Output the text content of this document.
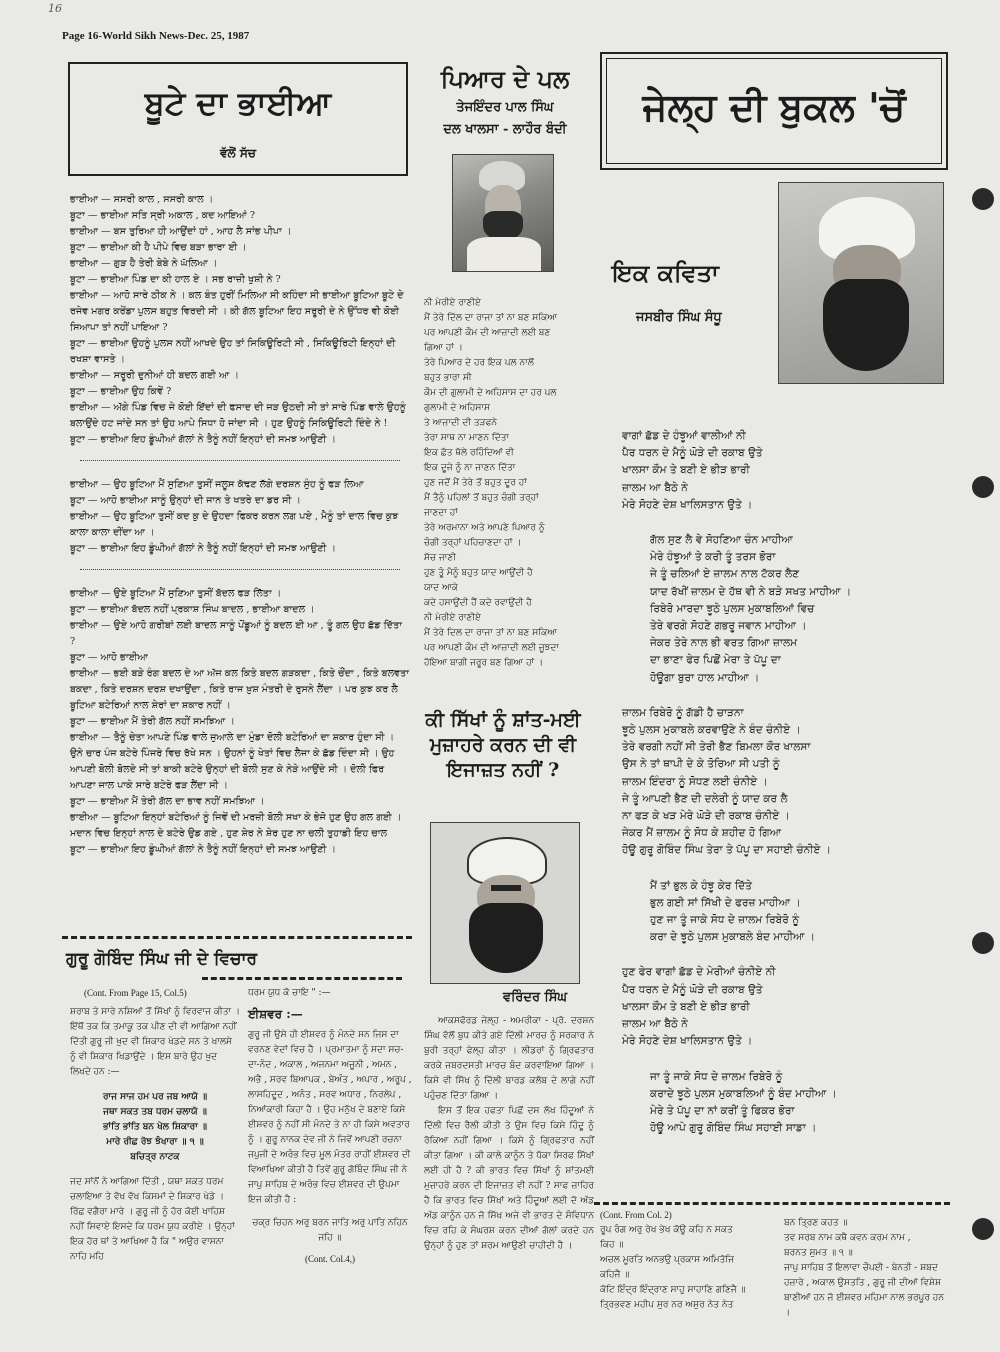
16
Page 16-World Sikh News-Dec. 25, 1987
ਬੂਟੇ ਦਾ ਭਾਈਆ
ਵੱਲੋਂ ਸੱਚ

ਭਾਈਆ — ਸਸਰੀ ਕਾਲ , ਸਸਰੀ ਕਾਲ ।

ਬੂਟਾ — ਭਾਈਆ ਸਤਿ ਸ੍ਰੀ ਅਕਾਲ , ਕਦ ਆਇਆਂ ?

ਭਾਈਆ — ਬਸ ਤੁਰਿਆ ਹੀ ਆਉਂਦਾਂ ਹਾਂ , ਆਹ ਲੈ ਸਾਂਭ ਪੀਪਾ ।

ਬੂਟਾ — ਭਾਈਆ ਕੀ ਹੈ ਪੀਪੇ ਵਿਚ ਬੜਾ ਭਾਰਾ ਈ ।

ਭਾਈਆ — ਗੁੜ ਹੈ ਤੇਰੀ ਬੇਬੇ ਨੇ ਘੱਲਿਆ ।

ਬੂਟਾ — ਭਾਈਆ ਪਿੰਡ ਦਾ ਕੀ ਹਾਲ ਏ । ਸਭ ਰਾਜ਼ੀ ਖੁਸ਼ੀ ਨੇ ?

ਭਾਈਆ — ਆਹੋ ਸਾਰੇ ਠੀਕ ਨੇ । ਕਲ ਬੰਤ ਹੁਰੀਂ ਮਿਲਿਆ ਸੀ ਕਹਿੰਦਾ ਸੀ ਭਾਈਆ ਬੂਟਿਆ ਬੂਟੇ ਦੇ ਰਜੇਵ ਮਗਰ ਕਰੇਂਡਾ ਪੁਲਸ ਬਹੁਤ ਵਿਰਦੀ ਸੀ । ਕੀ ਗੱਲ ਬੂਟਿਆ ਇਹ ਸਰੂਰੀ ਦੇ ਨੇ ਉੱਧਰ ਵੀ ਕੋਈ ਸਿਆਪਾ ਤਾਂ ਨਹੀਂ ਪਾਇਆ ?

ਬੂਟਾ — ਭਾਈਆ ਉਹਨੂੰ ਪੁਲਸ ਨਹੀਂ ਆਖਦੇ ਉਹ ਤਾਂ ਸਿਕਿਊਰਿਟੀ ਸੀ , ਸਿਕਿਊਰਿਟੀ ਇਨ੍ਹਾਂ ਦੀ ਰਖਸ਼ਾ ਵਾਸਤੇ ।

ਭਾਈਆ — ਸਰੂਰੀ ਦੁਨੀਆਂ ਹੀ ਬਦਲ ਗਈ ਆ ।

ਬੂਟਾ — ਭਾਈਆ ਉਹ ਕਿਵੇਂ ?

ਭਾਈਆ — ਅੱਗੇ ਪਿੰਡ ਵਿਚ ਜੇ ਕੋਈ ਇੱਦਾਂ ਦੀ ਫਸਾਦ ਦੀ ਜੜ ਉਠਦੀ ਸੀ ਤਾਂ ਸਾਰੇ ਪਿੰਡ ਵਾਲੇ ਉਹਨੂੰ ਬਲਾਉਂਦੇ ਹਟ ਜਾਂਦੇ ਸਨ ਤਾਂ ਉਹ ਆਪੇ ਸਿਧਾ ਹੋ ਜਾਂਦਾ ਸੀ । ਹੁਣ ਉਹਨੂੰ ਸਿਕਿਊਰਿਟੀ ਦਿੰਦੇ ਨੇ !

ਬੂਟਾ — ਭਾਈਆ ਇਹ ਡੂੰਘੀਆਂ ਗੱਲਾਂ ਨੇ ਤੈਨੂੰ ਨਹੀਂ ਇਨ੍ਹਾਂ ਦੀ ਸਮਝ ਆਉਣੀ ।

ਭਾਈਆ — ਉਹ ਬੂਟਿਆ ਮੈਂ ਸੁਣਿਆ ਤੁਸੀਂ ਜਲੂਸ ਕੱਢਣ ਲੱਗੇ ਦਰਸ਼ਨ ਸੁੰਹ ਨੂੰ ਫੜ ਲਿਆ

ਬੂਟਾ — ਆਹੋ ਭਾਈਆ ਸਾਨੂੰ ਉਨ੍ਹਾਂ ਦੀ ਜਾਨ ਤੇ ਖਤਰੇ ਦਾ ਡਰ ਸੀ ।

ਭਾਈਆ — ਉਹ ਬੂਟਿਆ ਤੁਸੀਂ ਕਦ ਕੁ ਦੇ ਉਹਦਾ ਫਿਕਰ ਕਰਨ ਲਗ ਪਏ , ਮੈਨੂੰ ਤਾਂ ਦਾਲ ਵਿਚ ਕੁਝ ਕਾਲਾ ਕਾਲਾ ਦੀਂਦਾ ਆ ।

ਬੂਟਾ — ਭਾਈਆ ਇਹ ਡੂੰਘੀਆਂ ਗੱਲਾਂ ਨੇ ਤੈਨੂੰ ਨਹੀਂ ਇਨ੍ਹਾਂ ਦੀ ਸਮਝ ਆਉਣੀ ।

ਭਾਈਆ — ਉਏ ਬੂਟਿਆ ਮੈਂ ਸੁਣਿਆ ਤੁਸੀਂ ਬੱਦਲ ਫੜ ਲਿੱਤਾ ।

ਬੂਟਾ — ਭਾਈਆ ਬੱਦਲ ਨਹੀਂ ਪ੍ਰਕਾਸ਼ ਸਿੰਘ ਬਾਦਲ , ਭਾਈਆ ਬਾਦਲ ।

ਭਾਈਆ — ਉਏ ਆਹੋ ਗਰੀਬਾਂ ਲਈ ਬਾਦਲ ਸਾਨੂੰ ਪੋਂਡੂਆਂ ਨੂੰ ਬਦਲ ਈ ਆ , ਤੂੰ ਗਲ ਉਹ ਛੱਡ ਦਿੱਤਾ ?

ਬੂਟਾ — ਆਹੋ ਭਾਈਆ

ਭਾਈਆ — ਭਈ ਬੜੇ ਰੰਗ ਬਦਲ ਦੇ ਆ ਅੱਜ ਕਲ ਕਿਤੇ ਬਦਲ ਗੜਕਦਾ , ਕਿਤੇ ਚੌਂਦਾ , ਕਿਤੇ ਬਲਵਤਾ ਬਕਦਾ , ਕਿਤੇ ਦਰਸ਼ਨ ਦਰਸ਼ ਦਖਾਉਂਦਾ , ਕਿਤੇ ਰਾਜ ਖ਼ੁਸ਼ ਮੰਤਰੀ ਦੇ ਰੁਸਨੇ ਲੈਂਦਾ । ਪਰ ਕੁਝ ਕਰ ਲੈ ਬੂਟਿਆ ਬਟੇਰਿਆਂ ਨਾਲ ਸ਼ੇਰਾਂ ਦਾ ਸ਼ਕਾਰ ਨਹੀਂ ।

ਬੂਟਾ — ਭਾਈਆ ਮੈਂ ਤੇਰੀ ਗੱਲ ਨਹੀਂ ਸਮਝਿਆ ।

ਭਾਈਆ — ਤੈਨੂੰ ਚੇਤਾ ਆਪਣੇ ਪਿੰਡ ਵਾਲੇ ਜੁਆਲੇ ਦਾ ਮੁੰਡਾ ਦੋਲੀ ਬਟੇਰਿਆਂ ਦਾ ਸ਼ਕਾਰ ਹੁੰਦਾ ਸੀ । ਉਨੇ ਚਾਰ ਪੰਜ ਬਟੇਰੇ ਪਿੰਜਰੇ ਵਿਚ ਰੱਖੇ ਸਨ । ਉਹਨਾਂ ਨੂੰ ਖੇਤਾਂ ਵਿਚ ਲੈਜਾ ਕੇ ਛੱਡ ਦਿੰਦਾ ਸੀ । ਉਹ ਆਪਣੀ ਬੋਲੀ ਬੋਲਦੇ ਸੀ ਤਾਂ ਬਾਕੀ ਬਟੇਰੇ ਉਨ੍ਹਾਂ ਦੀ ਬੋਲੀ ਸੁਣ ਕੇ ਨੇੜੇ ਆਉਂਦੇ ਸੀ । ਦੋਲੀ ਫਿਰ ਆਪਣਾ ਜਾਲ ਪਾਕੇ ਸਾਰੇ ਬਟੇਰੇ ਫੜ ਲੈਂਦਾ ਸੀ ।

ਬੂਟਾ — ਭਾਈਆ ਮੈਂ ਤੇਰੀ ਗੱਲ ਦਾ ਭਾਵ ਨਹੀਂ ਸਮਝਿਆ ।

ਭਾਈਆ — ਬੂਟਿਆ ਇਨ੍ਹਾਂ ਬਟੇਰਿਆਂ ਨੂੰ ਜਿਵੇਂ ਦੀ ਮਰਜ਼ੀ ਬੋਲੀ ਸਖਾ ਕੇ ਭੇਜੋ ਹੁਣ ਉਹ ਗਲ ਗਈ । ਮਦਾਨ ਵਿਚ ਇਨ੍ਹਾਂ ਨਾਲ ਦੇ ਬਟੇਰੇ ਉਡ ਗਏ , ਹੁਣ ਸ਼ੇਰ ਨੇ ਸ਼ੇਰ ਹੁਣ ਨਾ ਚਲੀ ਤੁਹਾਡੀ ਇਹ ਚਾਲ

ਬੂਟਾ — ਭਾਈਆ ਇਹ ਡੂੰਘੀਆਂ ਗੱਲਾਂ ਨੇ ਤੈਨੂੰ ਨਹੀਂ ਇਨ੍ਹਾਂ ਦੀ ਸਮਝ ਆਉਣੀ ।

ਗੁਰੂ ਗੋਬਿੰਦ ਸਿੰਘ ਜੀ ਦੇ ਵਿਚਾਰ
(Cont. From Page 15, Col.5)

ਸ਼ਰਾਬ ਤੇ ਸਾਰੇ ਨਸ਼ਿਆਂ ਤੋਂ ਸਿੱਖਾਂ ਨੂੰ ਵਿਰਵਾਜ ਕੀਤਾ । ਇੱਥੋਂ ਤਕ ਕਿ ਤਮਾਕੂ ਤਕ ਪੀਣ ਦੀ ਵੀ ਆਗਿਆ ਨਹੀਂ ਦਿੱਤੀ ਗੁਰੂ ਜੀ ਖ਼ੁਦ ਵੀ ਸ਼ਿਕਾਰ ਖੇਡਦੇ ਸਨ ਤੇ ਖਾਲਸੇ ਨੂੰ ਵੀ ਸ਼ਿਕਾਰ ਖਿਡਾਉਂਦੇ । ਇਸ ਬਾਰੇ ਉਹ ਖ਼ੁਦ ਲਿਖਦੇ ਹਨ :—

ਰਾਜ ਸਾਜ ਹਮ ਪਰ ਜਬ ਆਯੋ ॥

ਜਥਾ ਸਕਤ ਤਬ ਧਰਮ ਚਲਾਯੋ ॥

ਭਾਂਤਿ ਭਾਂਤਿ ਬਨ ਖੇਲ ਸ਼ਿਕਾਰਾ ॥

ਮਾਰੇ ਰੀਛ ਰੋਝ ਝੰਖਾਰਾ ॥ ੧ ॥

ਬਚਿਤ੍ਰ ਨਾਟਕ

ਜਦ ਸਾਂਨੋਂ ਨੇ ਆਗਿਆ ਦਿੱਤੀ , ਯਥਾ ਸ਼ਕਤ ਧਰਮ ਚਲਾਇਆ ਤੇ ਵੱਖ ਵੱਖ ਕਿਸਮਾਂ ਦੇ ਸ਼ਿਕਾਰ ਖੇਡੇ । ਰਿੱਛ ਵਗੈਰਾ ਮਾਰੇ । ਗੁਰੂ ਜੀ ਨੂੰ ਹੋਰ ਕੋਈ ਖਾਹਿਸ਼ ਨਹੀਂ ਸਿਵਾਏ ਇਸਦੇ ਕਿ ਧਰਮ ਯੁਧ ਕਰੀਏ । ਉਨ੍ਹਾਂ ਇਕ ਹੋਰ ਥਾਂ ਤੇ ਆਖਿਆ ਹੈ ਕਿ " ਅਉਰ ਵਾਸਨਾ ਨਾਹਿ ਮਹਿ

ਧਰਮ ਯੁਧ ਕੋ ਚਾਇ " :—
ਈਸ਼ਵਰ :—

ਗੁਰੂ ਜੀ ਉਸੇ ਹੀ ਈਸ਼ਵਰ ਨੂੰ ਮੰਨਦੇ ਸਨ ਜਿਸ ਦਾ ਵਰਨਣ ਵੇਦਾਂ ਵਿਚ ਹੈ । ਪ੍ਰਮਾਤਮਾ ਨੂੰ ਸਦਾ ਸਚ-ਦਾ-ਨੰਦ , ਅਕਾਲ , ਅਜਨਮਾ ਅਜੂਨੀ , ਅਮਨ , ਅਭੈ , ਸਰਵ ਬਿਆਪਕ , ਬੇਅੰਤ , ਅਪਾਰ , ਅਰੂਪ , ਲਾਸਹਿਦੂਦ , ਅਨੰਤ , ਸਰਵ ਅਧਾਰ , ਨਿਰਲੇਪ , ਨਿਆਂਕਾਰੀ ਕਿਹਾ ਹੈ । ਉਹ ਮਨੁੱਖ ਦੇ ਬਣਾਏ ਕਿਸੇ ਈਸ਼ਵਰ ਨੂੰ ਨਹੀਂ ਸੀ ਮੰਨਦੇ ਤੇ ਨਾ ਹੀ ਕਿਸੇ ਅਵਤਾਰ ਨੂੰ । ਗੁਰੂ ਨਾਨਕ ਦੇਵ ਜੀ ਨੇ ਜਿਵੇਂ ਆਪਣੀ ਰਚਨਾ ਜਪੁਜੀ ਦੇ ਅਰੰਭ ਵਿਚ ਮੂਲ ਮੰਤਰ ਰਾਹੀਂ ਈਸ਼ਵਰ ਦੀ ਵਿਆਖਿਆ ਕੀਤੀ ਹੈ ਤਿਵੇਂ ਗੁਰੂ ਗੋਬਿੰਦ ਸਿੰਘ ਜੀ ਨੇ ਜਾਪੁ ਸਾਹਿਬ ਦੇ ਅਰੰਭ ਵਿਚ ਈਸ਼ਵਰ ਦੀ ਉਪਮਾ ਇਜ ਕੀਤੀ ਹੈ :

ਚਕ੍ਰ ਚਿਹਨ ਅਰੁ ਬਰਨ ਜਾਤਿ ਅਰੁ ਪਾਤਿ ਨਹਿਨ ਜਹਿ ॥
(Cont. Col.4,)
ਪਿਆਰ ਦੇ ਪਲ
ਤੇਜਇੰਦਰ ਪਾਲ ਸਿੰਘ
ਦਲ ਖਾਲਸਾ - ਲਾਹੌਰ ਬੰਦੀ

ਨੀ ਮੇਰੀਏ ਰਾਣੀਏ

ਮੈਂ ਤੇਰੇ ਦਿੱਲ ਦਾ ਰਾਜਾ ਤਾਂ ਨਾ ਬਣ ਸਕਿਆ

ਪਰ ਆਪਣੀ ਕੌਮ ਦੀ ਆਜ਼ਾਦੀ ਲਈ ਬਣ

ਗਿਆ ਹਾਂ ।

ਤੇਰੇ ਪਿਆਰ ਦੇ ਹਰ ਇਕ ਪਲ ਨਾਲੋਂ

ਬਹੁਤ ਭਾਰਾ ਸੀ

ਕੌਮ ਦੀ ਗੁਲਾਮੀ ਦੇ ਅਹਿਸਾਸ ਦਾ ਹਰ ਪਲ

ਗੁਲਾਮੀ ਦੇ ਅਹਿਸਾਸ

ਤੇ ਆਜ਼ਾਦੀ ਦੀ ਤੜਫਨੇ

ਤੇਰਾ ਸਾਥ ਨਾ ਮਾਣਨ ਦਿੱਤਾ

ਇਕ ਛੱਤ ਥੱਲੇ ਰਹਿੰਦਿਆਂ ਵੀ

ਇਕ ਦੂਜੇ ਨੂੰ ਨਾ ਜਾਣਨ ਦਿੱਤਾ

ਹੁਣ ਜਦੋਂ ਮੈਂ ਤੇਰੇ ਤੋਂ ਬਹੁਤ ਦੂਰ ਹਾਂ

ਮੈਂ ਤੈਨੂੰ ਪਹਿਲਾਂ ਤੋਂ ਬਹੁਤ ਚੰਗੀ ਤਰ੍ਹਾਂ

ਜਾਣਦਾ ਹਾਂ

ਤੇਰੇ ਅਰਮਾਨਾ ਅਤੇ ਆਪਣੇ ਪਿਆਰ ਨੂੰ

ਚੰਗੀ ਤਰ੍ਹਾਂ ਪਹਿਚਾਣਦਾ ਹਾਂ ।

ਸੱਚ ਜਾਣੀ

ਹੁਣ ਤੂੰ ਮੈਨੂੰ ਬਹੁਤ ਯਾਦ ਆਉਂਦੀ ਹੈ

ਯਾਦ ਆਕੇ

ਕਦੇ ਹਸਾਉਂਦੀ ਹੈਂ ਕਦੇ ਰਵਾਉਂਦੀ ਹੈ

ਨੀ ਮੇਰੀਏ ਰਾਣੀਏ

ਮੈਂ ਤੇਰੇ ਦਿਲ ਦਾ ਰਾਜਾ ਤਾਂ ਨਾ ਬਣ ਸਕਿਆ

ਪਰ ਆਪਣੀ ਕੌਮ ਦੀ ਆਜ਼ਾਦੀ ਲਈ ਜੂਝਦਾ

ਹੋਇਆ ਬਾਗੀ ਜਰੂਰ ਬਣ ਗਿਆ ਹਾਂ ।

ਕੀ ਸਿੱਖਾਂ ਨੂੰ ਸ਼ਾਂਤ-ਮਈ ਮੁਜ਼ਾਹਰੇ ਕਰਨ ਦੀ ਵੀ ਇਜਾਜ਼ਤ ਨਹੀਂ ?
ਵਰਿੰਦਰ ਸਿੰਘ

ਆਕਸਫੋਰਡ ਜੇਲ੍ਹ - ਅਮਰੀਕਾ - ਪ੍ਰੋ. ਦਰਸ਼ਨ ਸਿੰਘ ਵੱਲੋਂ ਬੁਧ ਕੀਤੇ ਗਏ ਦਿੱਲੀ ਮਾਰਚ ਨੂੰ ਸਰਕਾਰ ਨੇ ਬੁਰੀ ਤਰ੍ਹਾਂ ਫੇਲ੍ਹ ਕੀਤਾ । ਲੀਡਰਾਂ ਨੂੰ ਗ੍ਰਿਫਤਾਰ ਕਰਕੇ ਜਬਰਦਸਤੀ ਮਾਰਚ ਬੰਦ ਕਰਵਾਇਆ ਗਿਆ । ਕਿਸੇ ਵੀ ਸਿੱਖ ਨੂੰ ਦਿੱਲੀ ਬਾਰਡ ਕਲੱਬ ਦੇ ਲਾਗੇ ਨਹੀਂ ਪਹੁੰਚਣ ਦਿੱਤਾ ਗਿਆ ।

ਇਸ ਤੋਂ ਇਕ ਹਫਤਾ ਪਿਛੋਂ ਦਸ ਲੱਖ ਹਿੰਦੂਆਂ ਨੇ ਦਿੱਲੀ ਵਿਚ ਰੈਲੀ ਕੀਤੀ ਤੇ ਉਸ ਵਿਚ ਕਿਸੇ ਹਿੰਦੂ ਨੂੰ ਰੋਕਿਆ ਨਹੀਂ ਗਿਆ । ਕਿਸੇ ਨੂੰ ਗ੍ਰਿਫਤਾਰ ਨਹੀਂ ਕੀਤਾ ਗਿਆ । ਕੀ ਕਾਲੇ ਕਾਨੂੰਨ ਤੇ ਧੱਕਾ ਸਿਰਫ ਸਿੱਖਾਂ ਲਈ ਹੀ ਹੈ ? ਕੀ ਭਾਰਤ ਵਿਚ ਸਿੱਖਾਂ ਨੂੰ ਸ਼ਾਂਤਮਈ ਮੁਜ਼ਾਹਰੇ ਕਰਨ ਦੀ ਇਜਾਜ਼ਤ ਵੀ ਨਹੀਂ ? ਸਾਫ ਜ਼ਾਹਿਰ ਹੈ ਕਿ ਭਾਰਤ ਵਿਚ ਸਿੱਖਾਂ ਅਤੇ ਹਿੰਦੂਆਂ ਲਈ ਦੋ ਅੱਡ ਅੱਡ ਕਾਨੂੰਨ ਹਨ ਜੋ ਸਿੱਖ ਅਜੇ ਵੀ ਭਾਰਤ ਦੇ ਸੰਵਿਧਾਨ ਵਿਚ ਰਹਿ ਕੇ ਸੰਘਰਸ਼ ਕਰਨ ਦੀਆਂ ਗੱਲਾਂ ਕਰਦੇ ਹਨ ਉਨ੍ਹਾਂ ਨੂੰ ਹੁਣ ਤਾਂ ਸ਼ਰਮ ਆਉਣੀ ਚਾਹੀਦੀ ਹੈ ।

ਜੇਲ੍ਹ ਦੀ ਬੁਕਲ 'ਚੋਂ
ਇਕ ਕਵਿਤਾ
ਜਸਬੀਰ ਸਿੰਘ ਸੰਧੂ

ਵਾਗਾਂ ਛੱਡ ਦੇ ਹੰਝੂਆਂ ਵਾਲੀਆਂ ਨੀ

ਪੈਰ ਧਰਨ ਦੇ ਮੈਨੂੰ ਘੋੜੇ ਦੀ ਰਕਾਬ ਉਤੇ

ਖਾਲਸਾ ਕੌਮ ਤੇ ਬਣੀ ਏ ਭੀੜ ਭਾਰੀ

ਜ਼ਾਲਮ ਆ ਬੈਠੇ ਨੇ

ਮੇਰੇ ਸੋਹਣੇ ਦੇਸ਼ ਖਾਲਿਸਤਾਨ ਉਤੇ ।

ਗੱਲ ਸੁਣ ਲੈ ਵੇ ਸੋਹਣਿਆ ਚੰਨ ਮਾਹੀਆ

ਮੇਰੇ ਹੰਝੂਆਂ ਤੇ ਕਰੀ ਤੂੰ ਤਰਸ ਭੋਰਾ

ਜੇ ਤੂੰ ਚਲਿਆਂ ਏ ਜ਼ਾਲਮ ਨਾਲ ਟੱਕਰ ਲੈਣ

ਯਾਦ ਰੱਖੀਂ ਜ਼ਾਲਮ ਦੇ ਹੱਥ ਵੀ ਨੇ ਬੜੇ ਸਖਤ ਮਾਹੀਆ ।

ਰਿਬੇਰੋ ਮਾਰਦਾ ਝੂਠੇ ਪੁਲਸ ਮੁਕਾਬਲਿਆਂ ਵਿਚ

ਤੇਰੇ ਵਰਗੇ ਸੋਹਣੇ ਗਭਰੂ ਜਵਾਨ ਮਾਹੀਆ ।

ਜੇਕਰ ਤੇਰੇ ਨਾਲ ਭੀ ਵਰਤ ਗਿਆ ਜ਼ਾਲਮ

ਦਾ ਭਾਣਾ ਫੇਰ ਪਿਛੋਂ ਮੇਰਾ ਤੇ ਪੱਪੂ ਦਾ

ਹੋਊਗਾ ਬੁਰਾ ਹਾਲ ਮਾਹੀਆ ।

ਜ਼ਾਲਮ ਰਿਬੇਰੋ ਨੂੰ ਗੱਡੀ ਹੈ ਚਾੜਨਾ

ਝੂਠੇ ਪੁਲਸ ਮੁਕਾਬਲੇ ਕਰਵਾਉਣੇ ਨੇ ਬੰਦ ਚੰਨੀਏ ।

ਤੇਰੇ ਵਰਗੀ ਨਹੀਂ ਸੀ ਤੇਰੀ ਭੈਣ ਬਿਮਲਾ ਕੌਰ ਖਾਲਸਾ

ਉਸ ਨੇ ਤਾਂ ਥਾਪੀ ਦੇ ਕੇ ਤੋਰਿਆ ਸੀ ਪਤੀ ਨੂੰ

ਜ਼ਾਲਮ ਇੰਦਰਾ ਨੂੰ ਸੋਧਣ ਲਈ ਚੰਨੀਏ ।

ਜੇ ਤੂੰ ਆਪਣੀ ਭੈਣ ਦੀ ਦਲੇਰੀ ਨੂੰ ਯਾਦ ਕਰ ਲੈ

ਨਾ ਫੜ ਕੇ ਖੜ ਮੇਰੇ ਘੋੜੇ ਦੀ ਰਕਾਬ ਚੰਨੀਏ ।

ਜੇਕਰ ਮੈਂ ਜ਼ਾਲਮ ਨੂੰ ਸੋਧ ਕੇ ਸ਼ਹੀਦ ਹੋ ਗਿਆ

ਹੋਊ ਗੁਰੂ ਗੋਬਿੰਦ ਸਿੰਘ ਤੇਰਾ ਤੇ ਪੱਪੂ ਦਾ ਸਹਾਈ ਚੰਨੀਏ ।

ਮੈਂ ਤਾਂ ਭੁਲ ਕੇ ਹੰਝੂ ਕੇਰ ਦਿੱਤੇ

ਭੁਲ ਗਈ ਸਾਂ ਸਿੱਖੀ ਦੇ ਫਰਜ਼ ਮਾਹੀਆ ।

ਹੁਣ ਜਾ ਤੂੰ ਜਾਕੇ ਸੋਧ ਦੇ ਜ਼ਾਲਮ ਰਿਬੇਰੋ ਨੂੰ

ਕਰਾ ਦੇ ਝੂਠੇ ਪੁਲਸ ਮੁਕਾਬਲੇ ਬੰਦ ਮਾਹੀਆ ।

ਹੁਣ ਫੇਰ ਵਾਗਾਂ ਛੱਡ ਦੇ ਮੇਰੀਆਂ ਚੰਨੀਏ ਨੀ

ਪੈਰ ਧਰਨ ਦੇ ਮੈਨੂੰ ਘੋੜੇ ਦੀ ਰਕਾਬ ਉਤੇ

ਖਾਲਸਾ ਕੌਮ ਤੇ ਬਣੀ ਏ ਭੀੜ ਭਾਰੀ

ਜ਼ਾਲਮ ਆ ਬੈਠੇ ਨੇ

ਮੇਰੇ ਸੋਹਣੇ ਦੇਸ਼ ਖਾਲਿਸਤਾਨ ਉਤੇ ।

ਜਾ ਤੂੰ ਜਾਕੇ ਸੋਧ ਦੇ ਜ਼ਾਲਮ ਰਿਬੇਰੋ ਨੂੰ

ਕਰਾਦੇ ਝੂਠੇ ਪੁਲਸ ਮੁਕਾਬਲਿਆਂ ਨੂੰ ਬੰਦ ਮਾਹੀਆ ।

ਮੇਰੇ ਤੇ ਪੱਪੂ ਦਾ ਨਾਂ ਕਰੀਂ ਤੂੰ ਫਿਕਰ ਭੋਰਾ

ਹੋਊ ਆਪੇ ਗੁਰੂ ਗੋਬਿੰਦ ਸਿੰਘ ਸਹਾਈ ਸਾਡਾ ।

(Cont. From Col. 2)

ਰੂਪ ਰੰਗ ਅਰੁ ਰੇਖ ਭੇਖ ਕੋਊ ਕਹਿ ਨ ਸਕਤ

ਕਿਹ ॥

ਅਚਲ ਮੂਰਤਿ ਅਨਭਉ ਪ੍ਰਕਾਸ ਅਮਿਤੋਜਿ

ਕਹਿਜੈ ॥

ਕੋਟਿ ਇੰਦ੍ਰ ਇੰਦ੍ਰਾਣ ਸਾਹੁ ਸਾਹਾਣਿ ਗਣਿਜੈ ॥

ਤ੍ਰਿਭਵਣ ਮਹੀਪ ਸੁਰ ਨਰ ਅਸੁਰ ਨੇਤ ਨੇਤ

ਬਨ ਤ੍ਰਿਣ ਕਹਤ ॥

ਤਵ ਸਰਬ ਨਾਮ ਕਥੈ ਕਵਨ ਕਰਮ ਨਾਮ ,

ਬਰਨਤ ਸੁਮਤ ॥ ੧ ॥

ਜਾਪੁ ਸਾਹਿਬ ਤੋਂ ਇਲਾਵਾ ਚੌਪਈ - ਬੇਨਤੀ - ਸ਼ਬਦ ਹਜ਼ਾਰੇ , ਅਕਾਲ ਉਸਤਤਿ , ਗੁਰੂ ਜੀ ਦੀਆਂ ਵਿਸ਼ੇਸ਼ ਬਾਣੀਆਂ ਹਨ ਜੋ ਈਸ਼ਵਰ ਮਹਿਮਾ ਨਾਲ ਭਰਪੂਰ ਹਨ ।
